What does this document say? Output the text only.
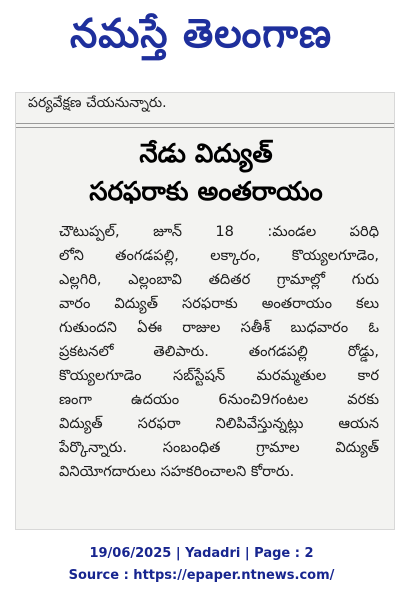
నమస్తే తెలంగాణ
పర్యవేక్షణ చేయనున్నారు.
నేడు విద్యుత్
సరఫరాకు అంతరాయం
చౌటుప్పల్, జూన్ 18 :మండల పరిధి
లోని తంగడపల్లి, లక్కారం, కొయ్యలగూడెం,
ఎల్లగిరి, ఎల్లంబావి తదితర గ్రామాల్లో గురు
వారం విద్యుత్ సరఫరాకు అంతరాయం కలు
గుతుందని ఏఈ రాజుల సతీశ్ బుధవారం ఓ
ప్రకటనలో తెలిపారు. తంగడపల్లి రోడ్డు,
కొయ్యలగూడెం సబ్‌స్టేషన్ మరమ్మతుల కార
ణంగా ఉదయం 6నుంచి9గంటల వరకు
విద్యుత్ సరఫరా నిలిపివేస్తున్నట్లు ఆయన
పేర్కొన్నారు. సంబంధిత గ్రామాల విద్యుత్
వినియోగదారులు సహకరించాలని కోరారు.
19/06/2025 | Yadadri | Page : 2
Source : https://epaper.ntnews.com/
